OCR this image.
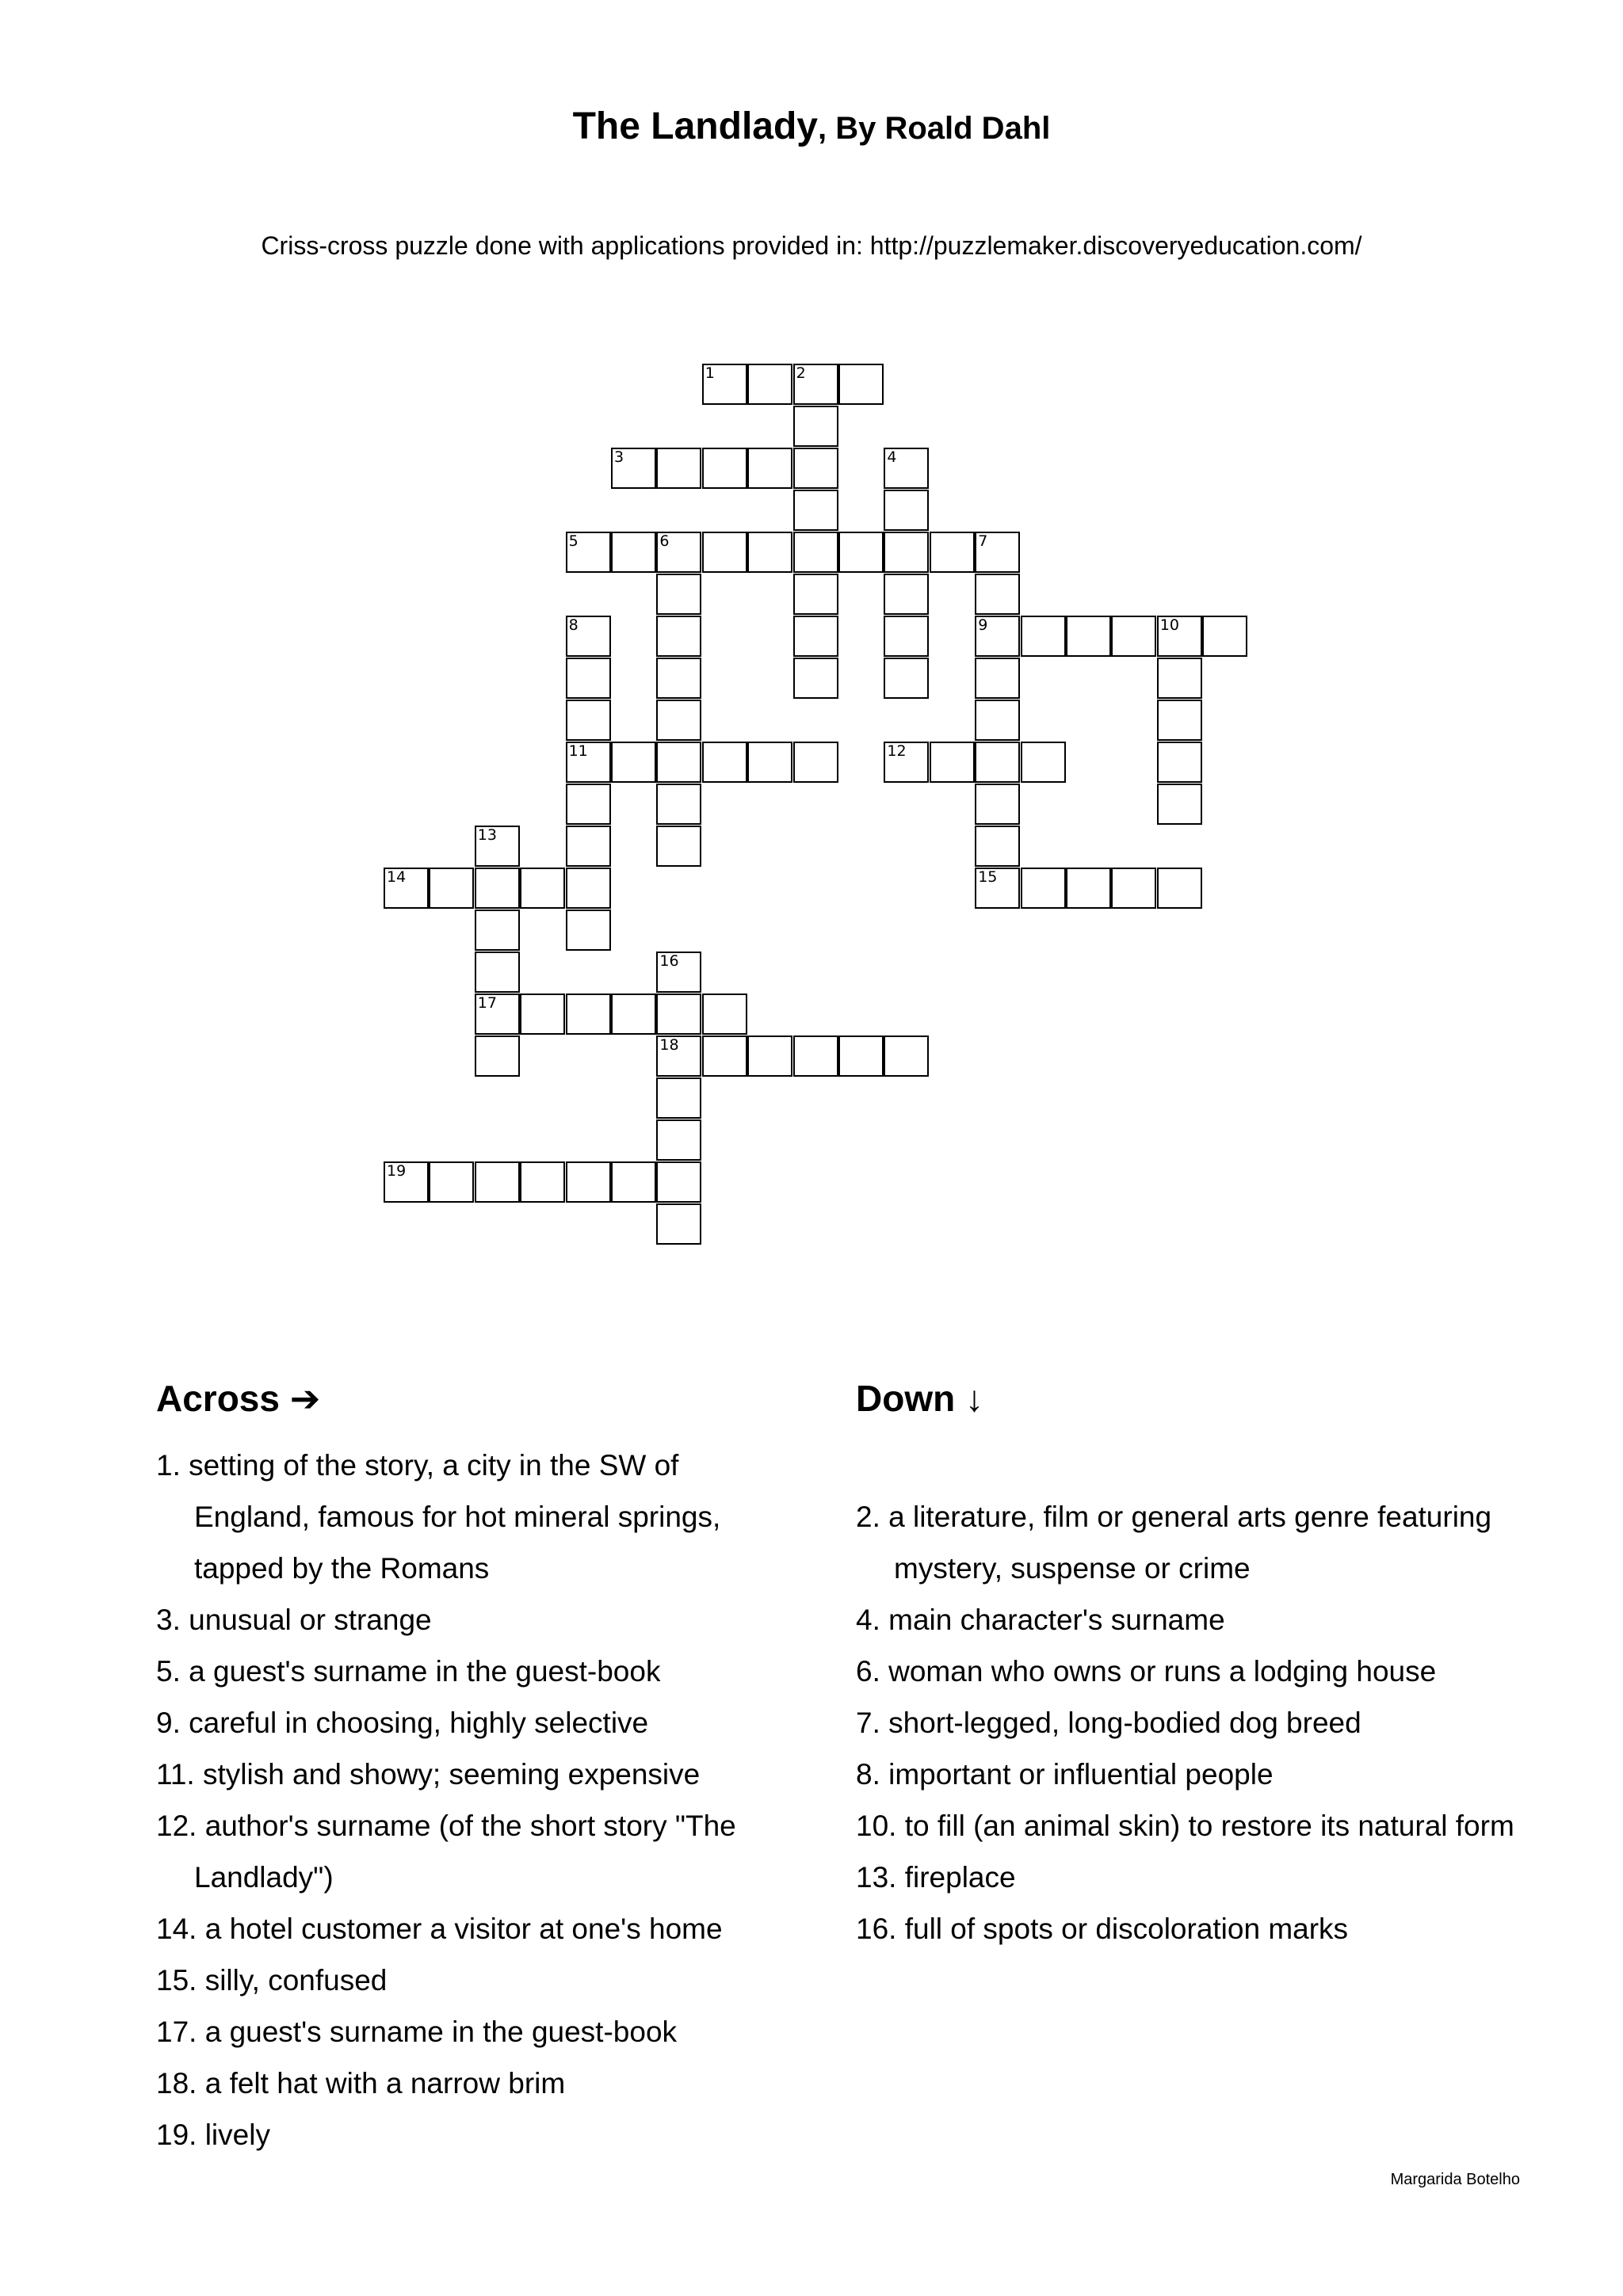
The Landlady, By Roald Dahl
Criss-cross puzzle done with applications provided in: http://puzzlemaker.discoveryeducation.com/
1	2
3	4
5	6	7
9
8
11
10
12
13
17
14	15
16
18
19
Across ➔
1. setting of the story, a city in the SW of England, famous for hot mineral springs, tapped by the Romans
3. unusual or strange
5. a guest's surname in the guest-book
9. careful in choosing, highly selective
11. stylish and showy; seeming expensive
12. author's surname (of the short story "The Landlady")
14. a hotel customer a visitor at one's home
15. silly, confused
17. a guest's surname in the guest-book
18. a felt hat with a narrow brim
19. lively
Down ↓
2. a literature, film or general arts genre featuring mystery, suspense or crime
4. main character's surname
6. woman who owns or runs a lodging house
7. short-legged, long-bodied dog breed
8. important or influential people
10. to fill (an animal skin) to restore its natural form
13. fireplace
16. full of spots or discoloration marks
Margarida Botelho
